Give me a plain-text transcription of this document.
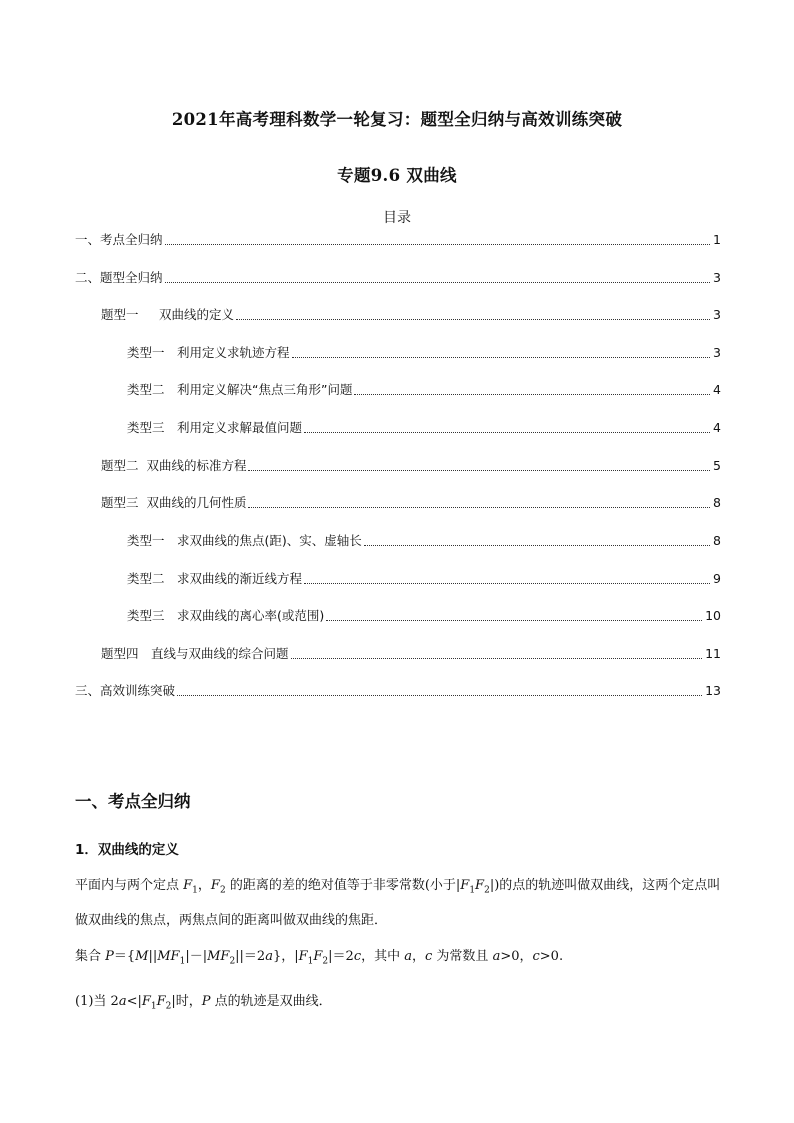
2021年高考理科数学一轮复习：题型全归纳与高效训练突破
专题9.6 双曲线
目录
一、考点全归纳	1
二、题型全归纳	3
题型一　  双曲线的定义	3
类型一　利用定义求轨迹方程	3
类型二　利用定义解决“焦点三角形”问题	4
类型三　利用定义求解最值问题	4
题型二  双曲线的标准方程	5
题型三  双曲线的几何性质	8
类型一　求双曲线的焦点(距)、实、虚轴长	8
类型二　求双曲线的渐近线方程	9
类型三　求双曲线的离心率(或范围)	10
题型四　直线与双曲线的综合问题	11
三、高效训练突破	13
一、考点全归纳
1．双曲线的定义
平面内与两个定点 $F_1$，$F_2$ 的距离的差的绝对值等于非零常数(小于$|F_1F_2|$)的点的轨迹叫做双曲线，这两个定点叫做双曲线的焦点，两焦点间的距离叫做双曲线的焦距．
集合 $P=\{M||MF_1|-|MF_2||=2a\}$，$|F_1F_2|=2c$，其中 a，c 为常数且 a>0，c>0.
(1)当 $2a<|F_1F_2|$时，P 点的轨迹是双曲线．
